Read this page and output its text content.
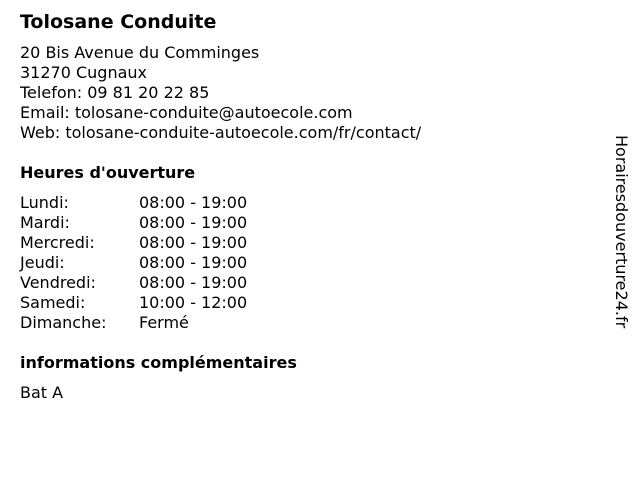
Tolosane Conduite
20 Bis Avenue du Comminges
31270 Cugnaux
Telefon: 09 81 20 22 85
Email: tolosane-conduite@autoecole.com
Web: tolosane-conduite-autoecole.com/fr/contact/
Heures d'ouverture
Lundi:	08:00 - 19:00
Mardi:	08:00 - 19:00
Mercredi:	08:00 - 19:00
Jeudi:	08:00 - 19:00
Vendredi:	08:00 - 19:00
Samedi:	10:00 - 12:00
Dimanche:	Fermé
informations complémentaires
Bat A
Horairesdouverture24.fr
